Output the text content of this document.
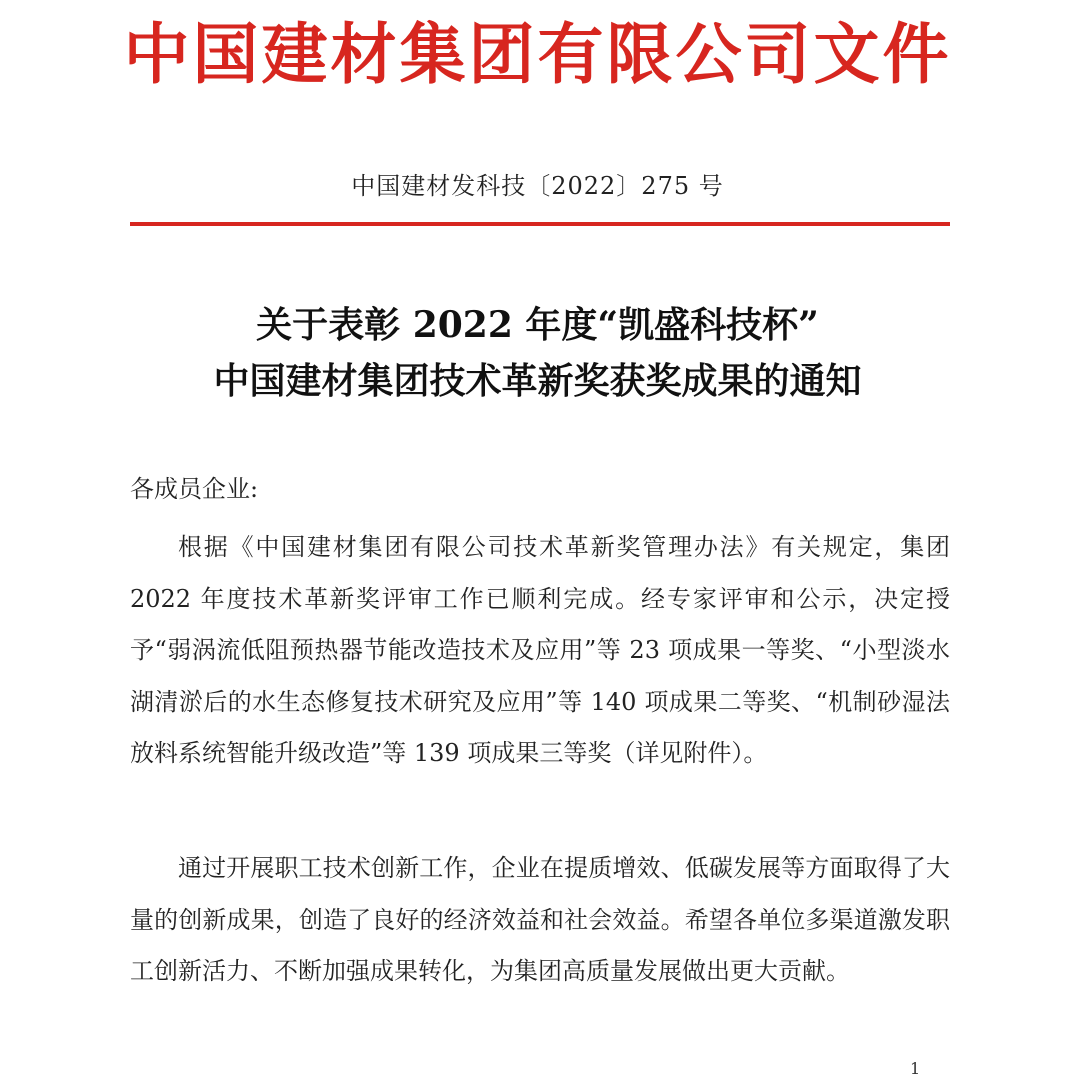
中国建材集团有限公司文件
中国建材发科技〔2022〕275 号
关于表彰 2022 年度“凯盛科技杯”
中国建材集团技术革新奖获奖成果的通知

各成员企业:

根据《中国建材集团有限公司技术革新奖管理办法》有关规定，集团 2022 年度技术革新奖评审工作已顺利完成。经专家评审和公示，决定授予“弱涡流低阻预热器节能改造技术及应用”等 23 项成果一等奖、“小型淡水湖清淤后的水生态修复技术研究及应用”等 140 项成果二等奖、“机制砂湿法放料系统智能升级改造”等 139 项成果三等奖（详见附件）。

通过开展职工技术创新工作，企业在提质增效、低碳发展等方面取得了大量的创新成果，创造了良好的经济效益和社会效益。希望各单位多渠道激发职工创新活力、不断加强成果转化，为集团高质量发展做出更大贡献。

1
